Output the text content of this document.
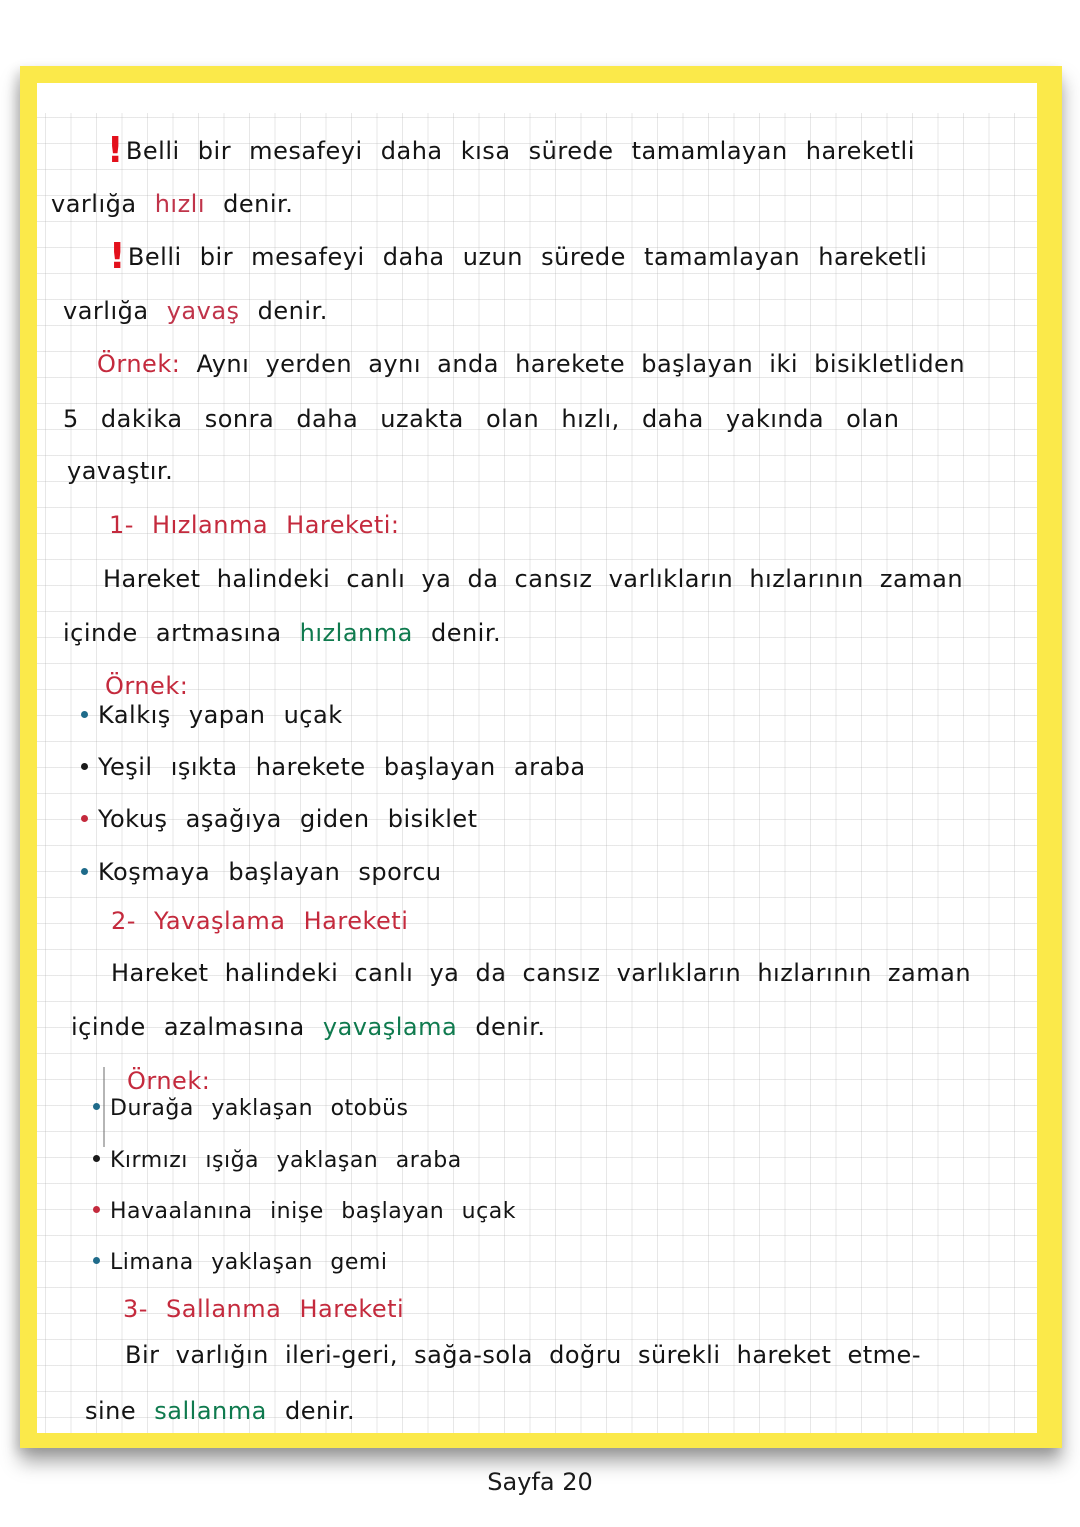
!Belli bir mesafeyi daha kısa sürede tamamlayan hareketli
varlığa hızlı denir.
!Belli bir mesafeyi daha uzun sürede tamamlayan hareketli
varlığa yavaş denir.
Örnek: Aynı yerden aynı anda harekete başlayan iki bisikletliden
5 dakika sonra daha uzakta olan hızlı, daha yakında olan
yavaştır.
1- Hızlanma Hareketi:
Hareket halindeki canlı ya da cansız varlıkların hızlarının zaman
içinde artmasına hızlanma denir.
Örnek:
Kalkış yapan uçak
Yeşil ışıkta harekete başlayan araba
Yokuş aşağıya giden bisiklet
Koşmaya başlayan sporcu
2- Yavaşlama Hareketi
Hareket halindeki canlı ya da cansız varlıkların hızlarının zaman
içinde azalmasına yavaşlama denir.
Örnek:
Durağa yaklaşan otobüs
Kırmızı ışığa yaklaşan araba
Havaalanına inişe başlayan uçak
Limana yaklaşan gemi
3- Sallanma Hareketi
Bir varlığın ileri-geri, sağa-sola doğru sürekli hareket etme-
sine sallanma denir.
Sayfa 20
